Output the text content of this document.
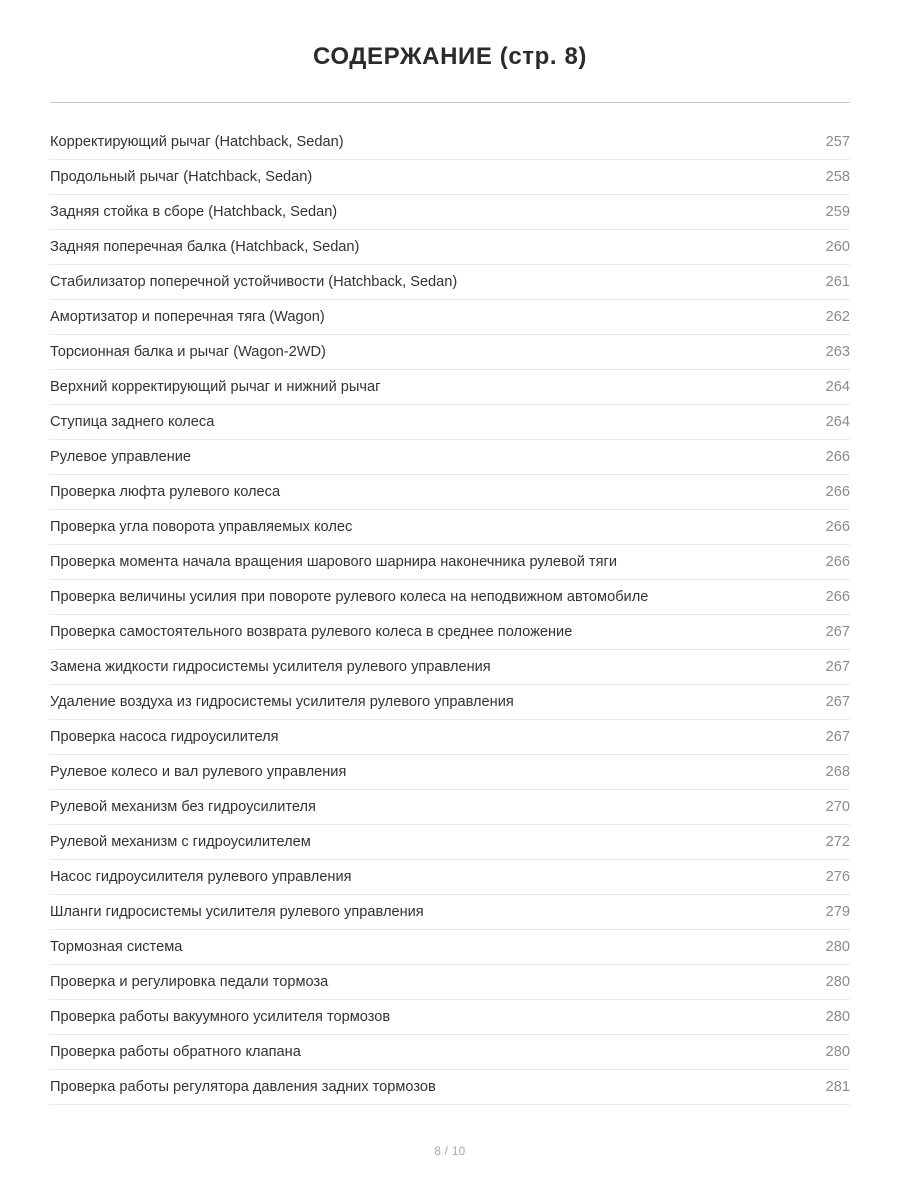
СОДЕРЖАНИЕ (стр. 8)
Корректирующий рычаг (Hatchback, Sedan)	257
Продольный рычаг (Hatchback, Sedan)	258
Задняя стойка в сборе (Hatchback, Sedan)	259
Задняя поперечная балка (Hatchback, Sedan)	260
Стабилизатор поперечной устойчивости (Hatchback, Sedan)	261
Амортизатор и поперечная тяга (Wagon)	262
Торсионная балка и рычаг (Wagon-2WD)	263
Верхний корректирующий рычаг и нижний рычаг	264
Ступица заднего колеса	264
Рулевое управление	266
Проверка люфта рулевого колеса	266
Проверка угла поворота управляемых колес	266
Проверка момента начала вращения шарового шарнира наконечника рулевой тяги	266
Проверка величины усилия при повороте рулевого колеса на неподвижном автомобиле	266
Проверка самостоятельного возврата рулевого колеса в среднее положение	267
Замена жидкости гидросистемы усилителя рулевого управления	267
Удаление воздуха из гидросистемы усилителя рулевого управления	267
Проверка насоса гидроусилителя	267
Рулевое колесо и вал рулевого управления	268
Рулевой механизм без гидроусилителя	270
Рулевой механизм с гидроусилителем	272
Насос гидроусилителя рулевого управления	276
Шланги гидросистемы усилителя рулевого управления	279
Тормозная система	280
Проверка и регулировка педали тормоза	280
Проверка работы вакуумного усилителя тормозов	280
Проверка работы обратного клапана	280
Проверка работы регулятора давления задних тормозов	281
8 / 10
